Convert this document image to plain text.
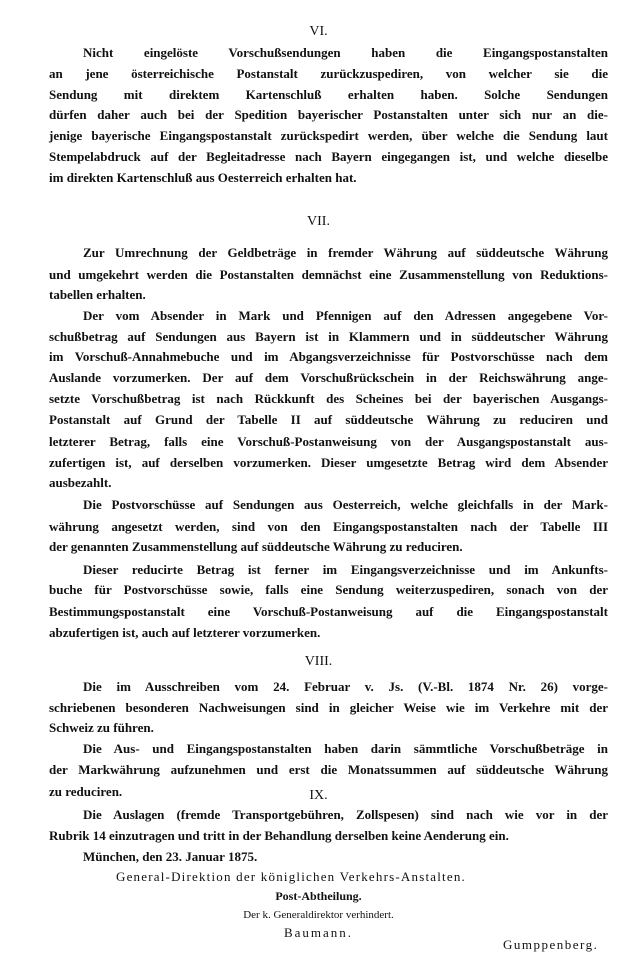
München, den 23. Januar 1875.
General-Direktion der königlichen Verkehrs-Anstalten.
Post-Abtheilung.
Der k. Generaldirektor verhindert.
Baumann.
Gumppenberg.
VI.
Nicht eingelöste Vorschußsendungen haben die Eingangspostanstalten
an jene österreichische Postanstalt zurückzuspediren, von welcher sie die
Sendung mit direktem Kartenschluß erhalten haben. Solche Sendungen
dürfen daher auch bei der Spedition bayerischer Postanstalten unter sich nur an die-
jenige bayerische Eingangspostanstalt zurückspedirt werden, über welche die Sendung laut
Stempelabdruck auf der Begleitadresse nach Bayern eingegangen ist, und welche dieselbe
im direkten Kartenschluß aus Oesterreich erhalten hat.
VII.
Zur Umrechnung der Geldbeträge in fremder Währung auf süddeutsche Währung
und umgekehrt werden die Postanstalten demnächst eine Zusammenstellung von Reduktions-
tabellen erhalten.
Der vom Absender in Mark und Pfennigen auf den Adressen angegebene Vor-
schußbetrag auf Sendungen aus Bayern ist in Klammern und in süddeutscher Währung
im Vorschuß-Annahmebuche und im Abgangsverzeichnisse für Postvorschüsse nach dem
Auslande vorzumerken. Der auf dem Vorschußrückschein in der Reichswährung ange-
setzte Vorschußbetrag ist nach Rückkunft des Scheines bei der bayerischen Ausgangs-
Postanstalt auf Grund der Tabelle II auf süddeutsche Währung zu reduciren und
letzterer Betrag, falls eine Vorschuß-Postanweisung von der Ausgangspostanstalt aus-
zufertigen ist, auf derselben vorzumerken. Dieser umgesetzte Betrag wird dem Absender
ausbezahlt.
Die Postvorschüsse auf Sendungen aus Oesterreich, welche gleichfalls in der Mark-
währung angesetzt werden, sind von den Eingangspostanstalten nach der Tabelle III
der genannten Zusammenstellung auf süddeutsche Währung zu reduciren.
Dieser reducirte Betrag ist ferner im Eingangsverzeichnisse und im Ankunfts-
buche für Postvorschüsse sowie, falls eine Sendung weiterzuspediren, sonach von der
Bestimmungspostanstalt eine Vorschuß-Postanweisung auf die Eingangspostanstalt
abzufertigen ist, auch auf letzterer vorzumerken.
VIII.
Die im Ausschreiben vom 24. Februar v. Js. (V.-Bl. 1874 Nr. 26) vorge-
schriebenen besonderen Nachweisungen sind in gleicher Weise wie im Verkehre mit der
Schweiz zu führen.
Die Aus- und Eingangspostanstalten haben darin sämmtliche Vorschußbeträge in
der Markwährung aufzunehmen und erst die Monatssummen auf süddeutsche Währung
zu reduciren.	IX.
Die Auslagen (fremde Transportgebühren, Zollspesen) sind nach wie vor in der
Rubrik 14 einzutragen und tritt in der Behandlung derselben keine Aenderung ein.
